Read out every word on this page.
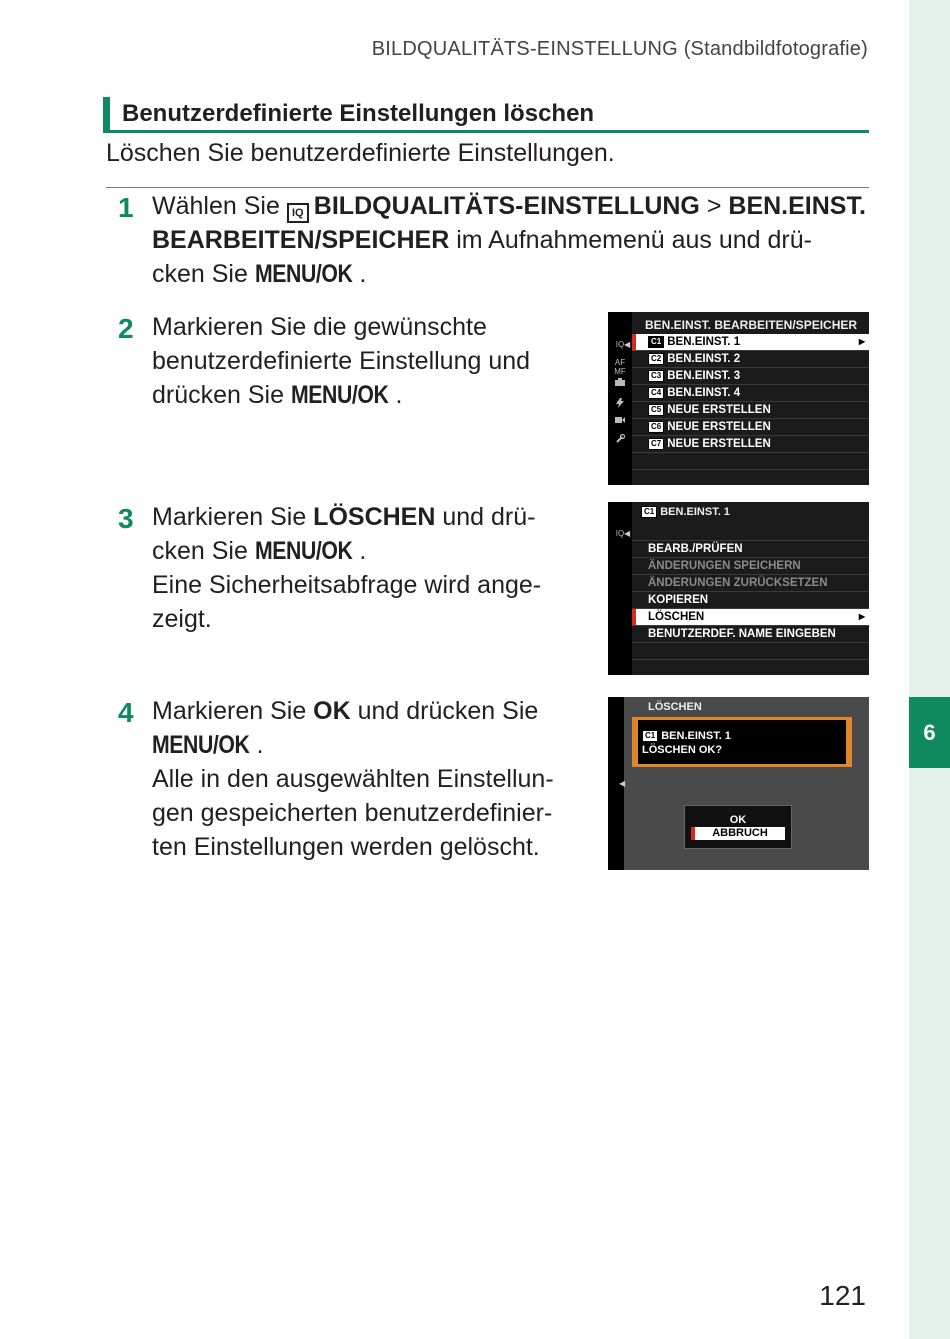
6
BILDQUALITÄTS-EINSTELLUNG (Standbildfotografie)
Benutzerdefinierte Einstellungen löschen
Löschen Sie benutzerdefinierte Einstellungen.
1 Wählen Sie IQ BILDQUALITÄTS-EINSTELLUNG > BEN.EINST.
BEARBEITEN/SPEICHER im Aufnahmemenü aus und drü-
cken Sie MENU/OK .
2 Markieren Sie die gewünschte
benutzerdefinierte Einstellung und
drücken Sie MENU/OK .
IQ
AF MF
◀
BEN.EINST. BEARBEITEN/SPEICHER
C1 BEN.EINST. 1	▶
C2 BEN.EINST. 2
C3 BEN.EINST. 3
C4 BEN.EINST. 4
C5 NEUE ERSTELLEN
C6 NEUE ERSTELLEN
C7 NEUE ERSTELLEN
3 Markieren Sie LÖSCHEN und drü-
cken Sie MENU/OK .
Eine Sicherheitsabfrage wird ange-
zeigt.
IQ ◀
C1 BEN.EINST. 1
BEARB./PRÜFEN
ÄNDERUNGEN SPEICHERN
ÄNDERUNGEN ZURÜCKSETZEN
KOPIEREN
LÖSCHEN	▶
BENUTZERDEF. NAME EINGEBEN
4 Markieren Sie OK und drücken Sie
MENU/OK .
Alle in den ausgewählten Einstellun-
gen gespeicherten benutzerdefinier-
ten Einstellungen werden gelöscht.
◀
LÖSCHEN
C1 BEN.EINST. 1
LÖSCHEN OK?
OK
ABBRUCH
121
